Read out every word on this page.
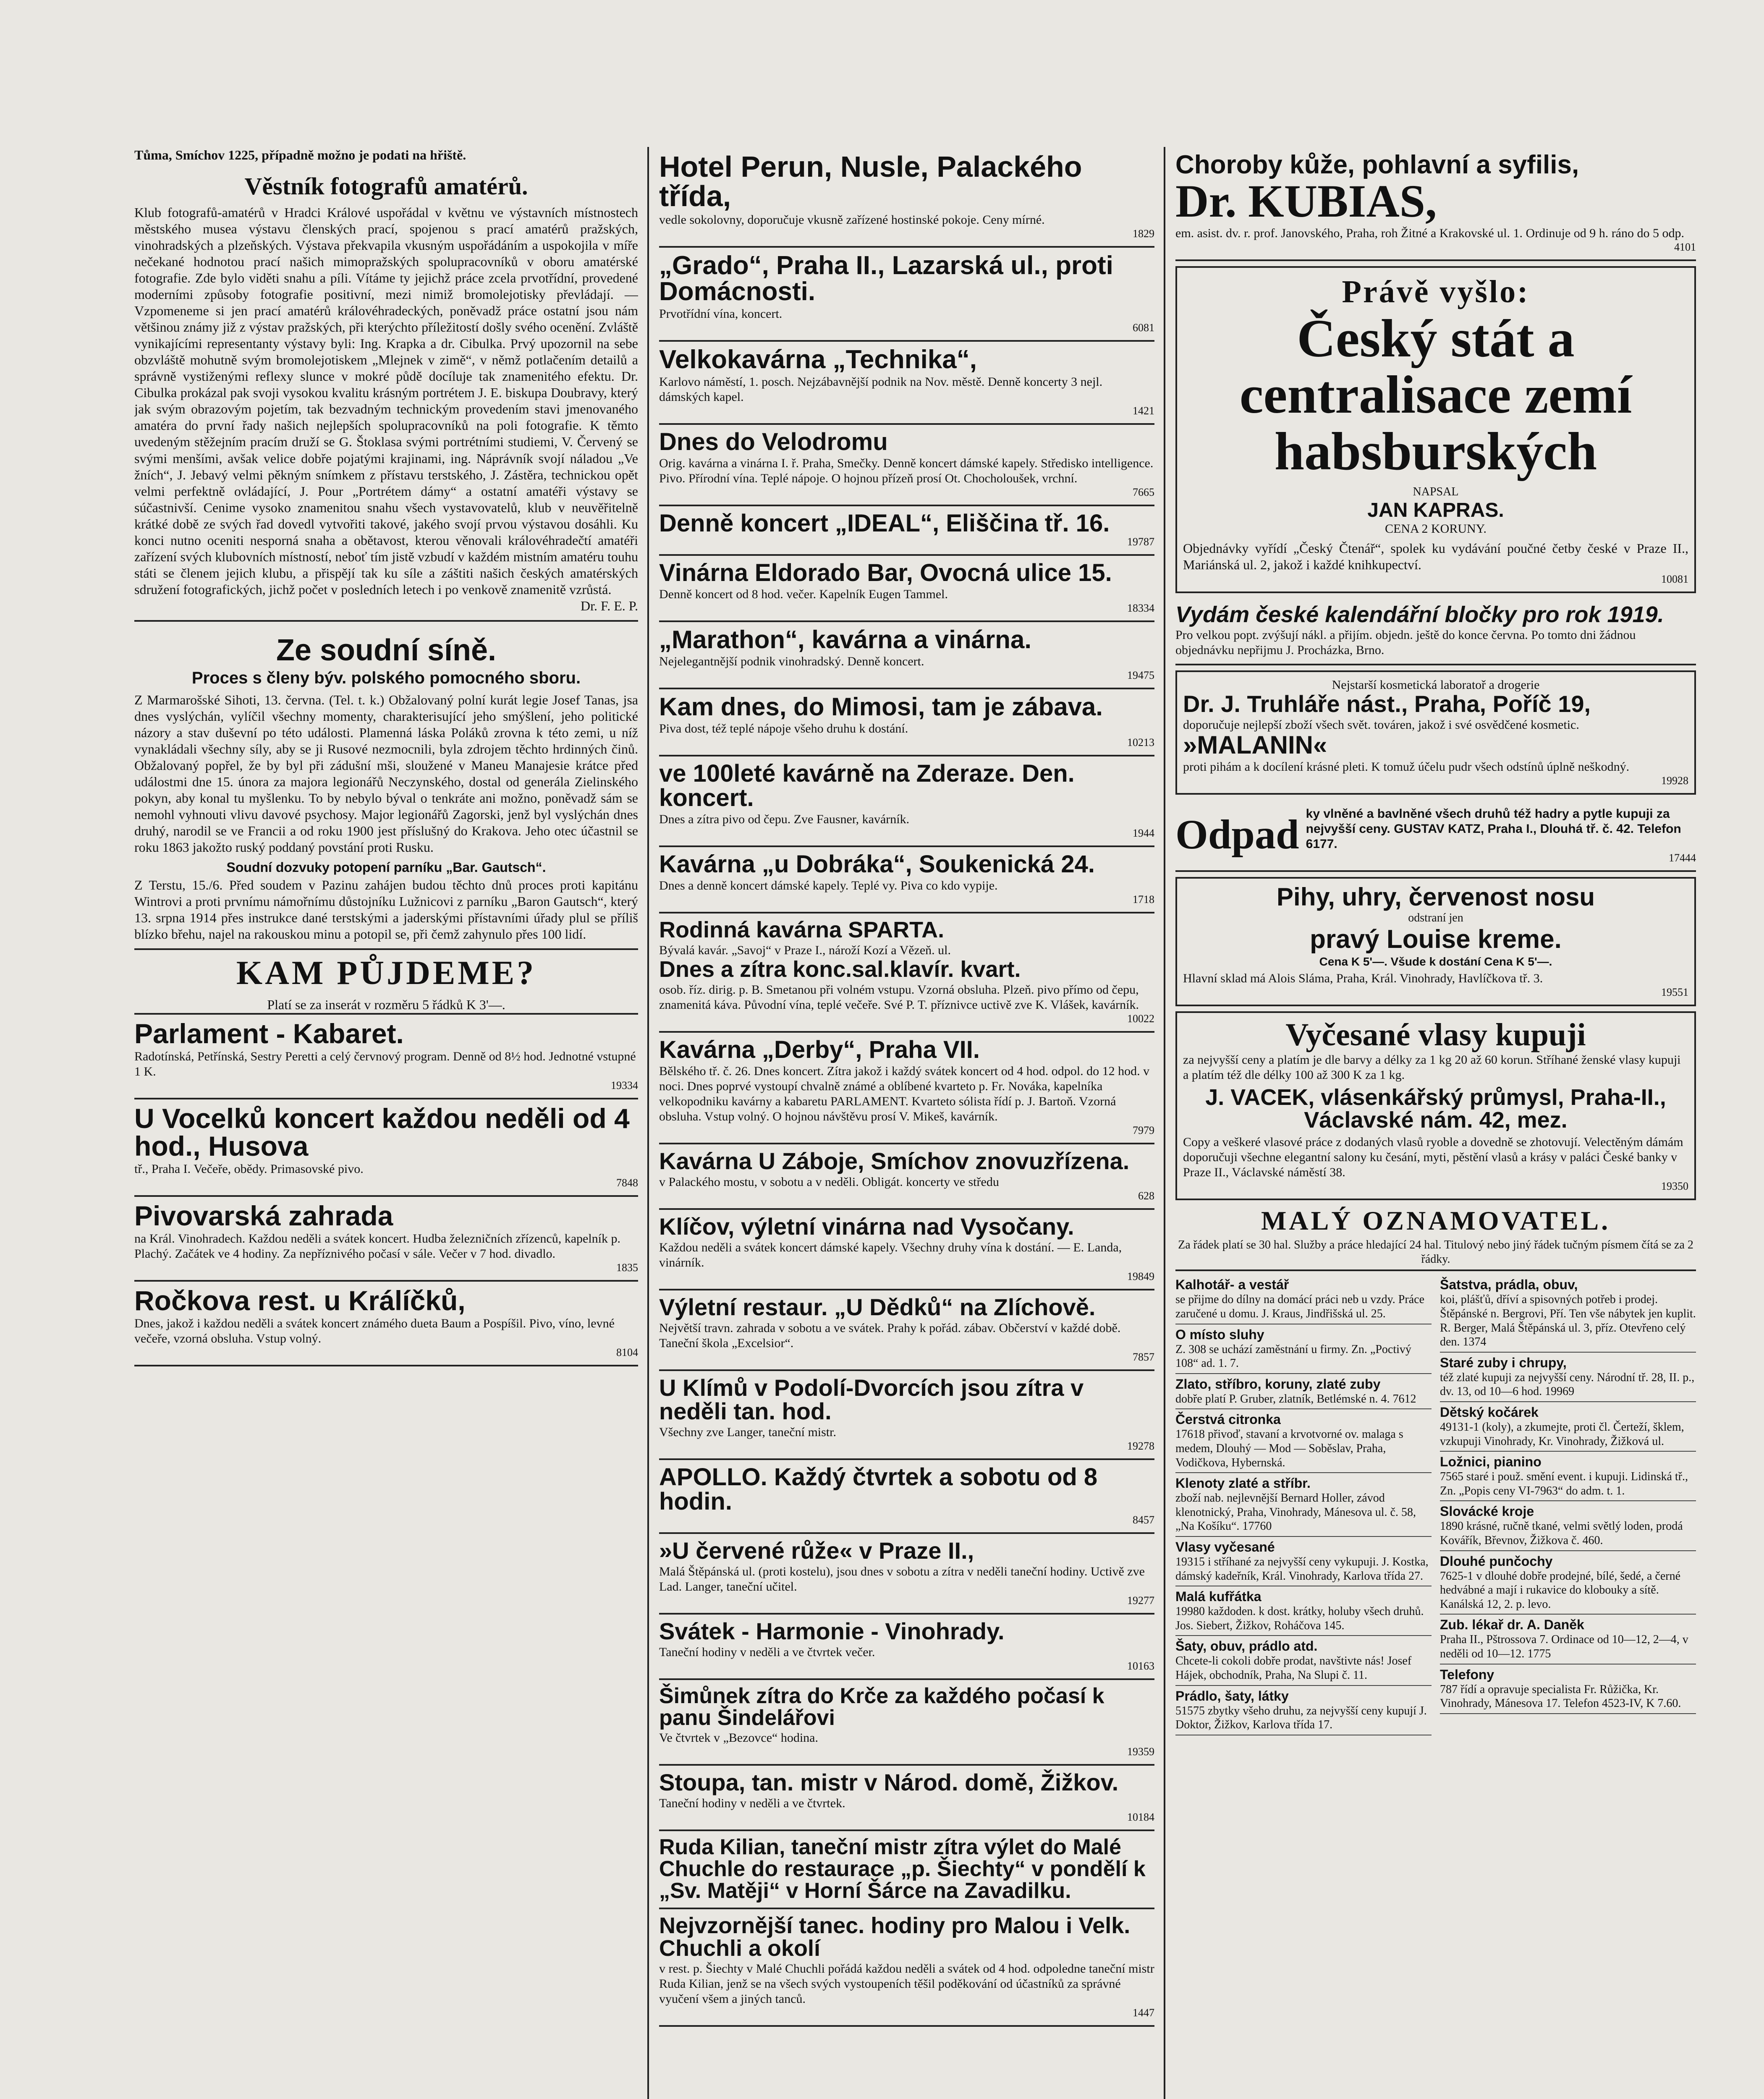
Tůma, Smíchov 1225, případně možno je podati na hřiště.

Věstník fotografů amatérů.

Klub fotografů-amatérů v Hradci Králové uspořádal v květnu ve výstavních místnostech městského musea výstavu členských prací, spojenou s prací amatérů pražských, vinohradských a plzeňských. Výstava překvapila vkusným uspořádáním a uspokojila v míře nečekané hodnotou prací našich mimopražských spolupracovníků v oboru amatérské fotografie. Zde bylo viděti snahu a píli. Vítáme ty jejichž práce zcela prvotřídní, provedené moderními způsoby fotografie positivní, mezi nimiž bromolejotisky převládají. — Vzpomeneme si jen prací amatérů královéhradeckých, poněvadž práce ostatní jsou nám většinou známy již z výstav pražských, při kterýchto příležitostí došly svého ocenění. Zvláště vynikajícími representanty výstavy byli: Ing. Krapka a dr. Cibulka. Prvý upozornil na sebe obzvláště mohutně svým bromolejotiskem „Mlejnek v zimě“, v němž potlačením detailů a správně vystiženými reflexy slunce v mokré půdě docíluje tak znamenitého efektu. Dr. Cibulka prokázal pak svoji vysokou kvalitu krásným portrétem J. E. biskupa Doubravy, který jak svým obrazovým pojetím, tak bezvadným technickým provedením stavi jmenovaného amatéra do první řady našich nejlepších spolupracovníků na poli fotografie. K těmto uvedeným stěžejním pracím druží se G. Štoklasa svými portrétními studiemi, V. Červený se svými menšími, avšak velice dobře pojatými krajinami, ing. Náprávník svojí náladou „Ve žních“, J. Jebavý velmi pěkným snímkem z přístavu terstského, J. Zástěra, technickou opět velmi perfektně ovládající, J. Pour „Portrétem dámy“ a ostatní amatéři výstavy se súčastnivší. Cenime vysoko znamenitou snahu všech vystavovatelů, klub v neuvěřitelně krátké době ze svých řad dovedl vytvořiti takové, jakého svojí prvou výstavou dosáhli. Ku konci nutno oceniti nesporná snaha a obětavost, kterou věnovali královéhradečtí amatéři zařízení svých klubovních místností, neboť tím jistě vzbudí v každém mistním amatéru touhu státi se členem jejich klubu, a přispějí tak ku síle a záštiti našich českých amatérských sdružení fotografických, jichž počet v posledních letech i po venkově znamenitě vzrůstá.

Dr. F. E. P.

Ze soudní síně.

Proces s členy býv. polského pomocného sboru.

Z Marmarošské Sihoti, 13. června. (Tel. t. k.) Obžalovaný polní kurát legie Josef Tanas, jsa dnes vyslýchán, vylíčil všechny momenty, charakterisující jeho smýšlení, jeho politické názory a stav duševní po této události. Plamenná láska Poláků zrovna k této zemi, u níž vynakládali všechny síly, aby se ji Rusové nezmocnili, byla zdrojem těchto hrdinných činů. Obžalovaný popřel, že by byl při zádušní mši, sloužené v Maneu Manajesie krátce před událostmi dne 15. února za majora legionářů Neczynského, dostal od generála Zielinského pokyn, aby konal tu myšlenku. To by nebylo býval o tenkráte ani možno, poněvadž sám se nemohl vyhnouti vlivu davové psychosy. Major legionářů Zagorski, jenž byl vyslýchán dnes druhý, narodil se ve Francii a od roku 1900 jest příslušný do Krakova. Jeho otec účastnil se roku 1863 jakožto ruský poddaný povstání proti Rusku.

Soudní dozvuky potopení parníku „Bar. Gautsch“.

Z Terstu, 15./6. Před soudem v Pazinu zahájen budou těchto dnů proces proti kapitánu Wintrovi a proti prvnímu námořnímu důstojníku Lužnicovi z parníku „Baron Gautsch“, který 13. srpna 1914 přes instrukce dané terstskými a jaderskými přístavními úřady plul se příliš blízko břehu, najel na rakouskou minu a potopil se, při čemž zahynulo přes 100 lidí.

KAM PŮJDEME?

Platí se za inserát v rozměru 5 řádků K 3'—.

Parlament - Kabaret.

Radotínská, Petřínská, Sestry Peretti a celý červnový program. Denně od 8½ hod. Jednotné vstupné 1 K.

19334

U Vocelků koncert každou neděli od 4 hod., Husova

tř., Praha I. Večeře, obědy. Primasovské pivo.

7848

Pivovarská zahrada

na Král. Vinohradech. Každou neděli a svátek koncert. Hudba železničních zřízenců, kapelník p. Plachý. Začátek ve 4 hodiny. Za nepříznivého počasí v sále. Večer v 7 hod. divadlo.

1835

Ročkova rest. u Králíčků,

Dnes, jakož i každou neděli a svátek koncert známého dueta Baum a Pospíšil. Pivo, víno, levné večeře, vzorná obsluha. Vstup volný.

8104

Hotel Perun, Nusle, Palackého třída,

vedle sokolovny, doporučuje vkusně zařízené hostinské pokoje. Ceny mírné.

1829

„Grado“, Praha II., Lazarská ul., proti Domácnosti.

Prvotřídní vína, koncert.

6081

Velkokavárna „Technika“,

Karlovo náměstí, 1. posch. Nejzábavnější podnik na Nov. městě. Denně koncerty 3 nejl. dámských kapel.

1421

Dnes do Velodromu

Orig. kavárna a vinárna I. ř. Praha, Smečky. Denně koncert dámské kapely. Středisko intelligence. Pivo. Přírodní vína. Teplé nápoje. O hojnou přízeň prosí Ot. Chocholoušek, vrchní.

7665

Denně koncert „IDEAL“, Eliščina tř. 16.

19787

Vinárna Eldorado Bar, Ovocná ulice 15.

Denně koncert od 8 hod. večer. Kapelník Eugen Tammel.

18334

„Marathon“, kavárna a vinárna.

Nejelegantnější podnik vinohradský. Denně koncert.

19475

Kam dnes, do Mimosi, tam je zábava.

Piva dost, též teplé nápoje všeho druhu k dostání.

10213

ve 100leté kavárně na Zderaze. Den. koncert.

Dnes a zítra pivo od čepu. Zve Fausner, kavárník.

1944

Kavárna „u Dobráka“, Soukenická 24.

Dnes a denně koncert dámské kapely. Teplé vy. Piva co kdo vypije.

1718

Rodinná kavárna SPARTA.

Bývalá kavár. „Savoj“ v Praze I., nároží Kozí a Vězeň. ul.

Dnes a zítra konc.sal.klavír. kvart.

osob. říz. dirig. p. B. Smetanou při volném vstupu. Vzorná obsluha. Plzeň. pivo přímo od čepu, znamenitá káva. Původní vína, teplé večeře. Své P. T. příznivce uctivě zve K. Vlášek, kavárník.

10022

Kavárna „Derby“, Praha VII.

Bělského tř. č. 26. Dnes koncert. Zítra jakož i každý svátek koncert od 4 hod. odpol. do 12 hod. v noci. Dnes poprvé vystoupí chvalně známé a oblíbené kvarteto p. Fr. Nováka, kapelníka velkopodniku kavárny a kabaretu PARLAMENT. Kvarteto sólista řídí p. J. Bartoň. Vzorná obsluha. Vstup volný. O hojnou návštěvu prosí V. Mikeš, kavárník.

7979

Kavárna U Záboje, Smíchov znovuzřízena.

v Palackého mostu, v sobotu a v neděli. Obligát. koncerty ve středu

628

Klíčov, výletní vinárna nad Vysočany.

Každou neděli a svátek koncert dámské kapely. Všechny druhy vína k dostání. — E. Landa, vinárník.

19849

Výletní restaur. „U Dědků“ na Zlíchově.

Největší travn. zahrada v sobotu a ve svátek. Prahy k pořád. zábav. Občerství v každé době. Taneční škola „Excelsior“.

7857

U Klímů v Podolí-Dvorcích jsou zítra v neděli tan. hod.

Všechny zve Langer, taneční mistr.

19278

APOLLO. Každý čtvrtek a sobotu od 8 hodin.

8457

»U červené růže« v Praze II.,

Malá Štěpánská ul. (proti kostelu), jsou dnes v sobotu a zítra v neděli taneční hodiny. Uctivě zve Lad. Langer, taneční učitel.

19277

Svátek - Harmonie - Vinohrady.

Taneční hodiny v neděli a ve čtvrtek večer.

10163

Šimůnek zítra do Krče za každého počasí k panu Šindelářovi

Ve čtvrtek v „Bezovce“ hodina.

19359

Stoupa, tan. mistr v Národ. domě, Žižkov.

Taneční hodiny v neděli a ve čtvrtek.

10184

Ruda Kilian, taneční mistr zítra výlet do Malé Chuchle do restaurace „p. Šiechty“ v pondělí k „Sv. Matěji“ v Horní Šárce na Zavadilku.

Nejvzornější tanec. hodiny pro Malou i Velk. Chuchli a okolí

v rest. p. Šiechty v Malé Chuchli pořádá každou neděli a svátek od 4 hod. odpoledne taneční mistr Ruda Kilian, jenž se na všech svých vystoupeních těšil poděkování od účastníků za správné vyučení všem a jiných tanců.

1447

Choroby kůže, pohlavní a syfilis,

Dr. KUBIAS,

em. asist. dv. r. prof. Janovského, Praha, roh Žitné a Krakovské ul. 1. Ordinuje od 9 h. ráno do 5 odp.

4101

Právě vyšlo:

Český stát a centralisace zemí habsburských

NAPSAL

JAN KAPRAS.

CENA 2 KORUNY.

Objednávky vyřídí „Český Čtenář“, spolek ku vydávání poučné četby české v Praze II., Mariánská ul. 2, jakož i každé knihkupectví.

10081

Vydám české kalendářní bločky pro rok 1919.

Pro velkou popt. zvýšují nákl. a přijím. objedn. ještě do konce června. Po tomto dni žádnou objednávku nepřijmu J. Procházka, Brno.

Nejstarší kosmetická laboratoř a drogerie

Dr. J. Truhláře nást., Praha, Poříč 19,

doporučuje nejlepší zboží všech svět. továren, jakož i své osvědčené kosmetic.

»MALANIN«

proti pihám a k docílení krásné pleti. K tomuž účelu pudr všech odstínů úplně neškodný.

19928

Odpad ky vlněné a bavlněné všech druhů též hadry a pytle kupuji za nejvyšší ceny. GUSTAV KATZ, Praha I., Dlouhá tř. č. 42. Telefon 6177.

17444

Pihy, uhry, červenost nosu

odstraní jen

pravý Louise kreme.

Cena K 5'—. Všude k dostání Cena K 5'—.

Hlavní sklad má Alois Sláma, Praha, Král. Vinohrady, Havlíčkova tř. 3.

19551

Vyčesané vlasy kupuji

za nejvyšší ceny a platím je dle barvy a délky za 1 kg 20 až 60 korun. Stříhané ženské vlasy kupuji a platím též dle délky 100 až 300 K za 1 kg.

J. VACEK, vlásenkářský průmysl, Praha-II., Václavské nám. 42, mez.

Copy a veškeré vlasové práce z dodaných vlasů ryoble a dovedně se zhotovují. Velectěným dámám doporučuji všechne elegantní salony ku česání, myti, pěstění vlasů a krásy v paláci České banky v Praze II., Václavské náměstí 38.

19350

MALÝ OZNAMOVATEL.

Za řádek platí se 30 hal. Služby a práce hledající 24 hal. Titulový nebo jiný řádek tučným písmem čítá se za 2 řádky.

Kalhotář- a vestář
se přijme do dílny na domácí práci neb u vzdy. Práce zaručené u domu. J. Kraus, Jindřišská ul. 25.
O místo sluhy
Z. 308 se uchází zaměstnání u firmy. Zn. „Poctivý 108“ ad. 1. 7.
Zlato, stříbro, koruny, zlaté zuby
dobře platí P. Gruber, zlatník, Betlémské n. 4. 7612
Čerstvá citronka
17618 přivoď, stavaní a krvotvorné ov. malaga s medem, Dlouhý — Mod — Soběslav, Praha, Vodičkova, Hybernská.
Klenoty zlaté a stříbr.
zboží nab. nejlevnější Bernard Holler, závod klenotnický, Praha, Vinohrady, Mánesova ul. č. 58, „Na Košíku“. 17760
Vlasy vyčesané
19315 i stříhané za nejvyšší ceny vykupuji. J. Kostka, dámský kadeřník, Král. Vinohrady, Karlova třída 27.
Malá kufřátka
19980 každoden. k dost. krátky, holuby všech druhů. Jos. Siebert, Žižkov, Roháčova 145.
Šaty, obuv, prádlo atd.
Chcete-li cokoli dobře prodat, navštivte nás! Josef Hájek, obchodník, Praha, Na Slupi č. 11.
Prádlo, šaty, látky
51575 zbytky všeho druhu, za nejvyšší ceny kupují J. Doktor, Žižkov, Karlova třída 17.
Šatstva, prádla, obuv,
koi, plášťů, dříví a spisovných potřeb i prodej. Štěpánské n. Bergrovi, Pří. Ten vše nábytek jen kuplit. R. Berger, Malá Štěpánská ul. 3, příz. Otevřeno celý den. 1374
Staré zuby i chrupy,
též zlaté kupuji za nejvyšší ceny. Národní tř. 28, II. p., dv. 13, od 10—6 hod. 19969
Dětský kočárek
49131-1 (koly), a zkumejte, proti čl. Čerteží, šklem, vzkupuji Vinohrady, Kr. Vinohrady, Žižková ul.
Ložnici, pianino
7565 staré i použ. smění event. i kupuji. Lidinská tř., Zn. „Popis ceny VI-7963“ do adm. t. 1.
Slovácké kroje
1890 krásné, ručně tkané, velmi světlý loden, prodá Kovářík, Břevnov, Žižkova č. 460.
Dlouhé punčochy
7625-1 v dlouhé dobře prodejné, bílé, šedé, a černé hedvábné a mají i rukavice do klobouky a sítě. Kanálská 12, 2. p. levo.
Zub. lékař dr. A. Daněk
Praha II., Pštrossova 7. Ordinace od 10—12, 2—4, v neděli od 10—12. 1775
Telefony
787 řídí a opravuje specialista Fr. Růžička, Kr. Vinohrady, Mánesova 17. Telefon 4523-IV, K 7.60.
